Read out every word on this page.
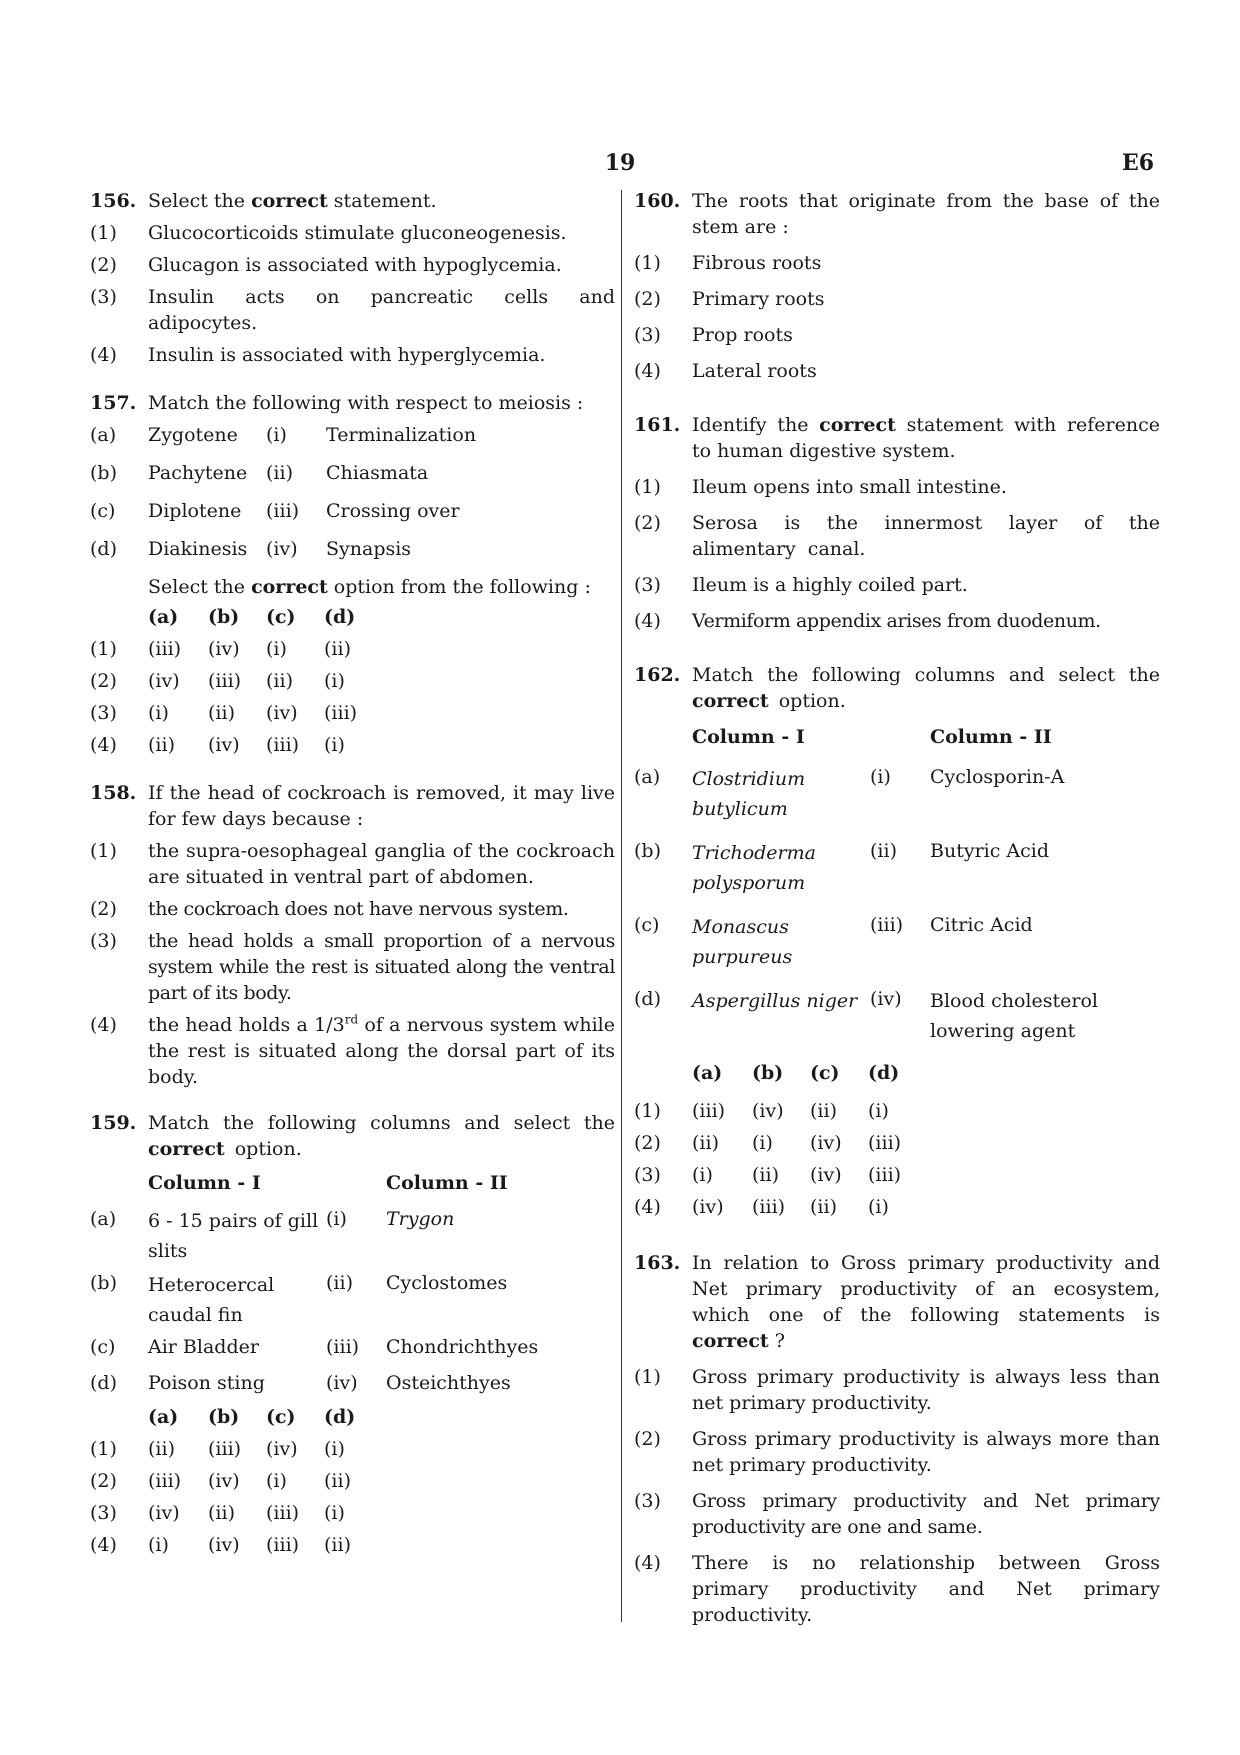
19	E6
156. Select the correct statement.
(1) Glucocorticoids stimulate gluconeogenesis.
(2) Glucagon is associated with hypoglycemia.
(3) Insulin acts on pancreatic cells and adipocytes.
(4) Insulin is associated with hyperglycemia.
157. Match the following with respect to meiosis :
(a)	Zygotene	(i)	Terminalization
(b)	Pachytene	(ii)	Chiasmata
(c)	Diplotene	(iii)	Crossing over
(d)	Diakinesis	(iv)	Synapsis
Select the correct option from the following :
	(a)	(b)	(c)	(d)
(1)	(iii)	(iv)	(i)	(ii)
(2)	(iv)	(iii)	(ii)	(i)
(3)	(i)	(ii)	(iv)	(iii)
(4)	(ii)	(iv)	(iii)	(i)
158. If the head of cockroach is removed, it may live for few days because :
(1) the supra-oesophageal ganglia of the cockroach are situated in ventral part of abdomen.
(2) the cockroach does not have nervous system.
(3) the head holds a small proportion of a nervous system while the rest is situated along the ventral part of its body.
(4) the head holds a 1/3rd of a nervous system while the rest is situated along the dorsal part of its body.
159. Match the following columns and select the correct option.
	Column - I		Column - II
(a)	6 - 15 pairs of gill slits	(i)	Trygon
(b)	Heterocercal caudal fin	(ii)	Cyclostomes
(c)	Air Bladder	(iii)	Chondrichthyes
(d)	Poison sting	(iv)	Osteichthyes
	(a)	(b)	(c)	(d)
(1)	(ii)	(iii)	(iv)	(i)
(2)	(iii)	(iv)	(i)	(ii)
(3)	(iv)	(ii)	(iii)	(i)
(4)	(i)	(iv)	(iii)	(ii)
160. The roots that originate from the base of the stem are :
(1) Fibrous roots
(2) Primary roots
(3) Prop roots
(4) Lateral roots
161. Identify the correct statement with reference to human digestive system.
(1) Ileum opens into small intestine.
(2) Serosa is the innermost layer of the alimentary canal.
(3) Ileum is a highly coiled part.
(4) Vermiform appendix arises from duodenum.
162. Match the following columns and select the correct option.
	Column - I		Column - II
(a)	Clostridium butylicum	(i)	Cyclosporin-A
(b)	Trichoderma polysporum	(ii)	Butyric Acid
(c)	Monascus purpureus	(iii)	Citric Acid
(d)	Aspergillus niger	(iv)	Blood cholesterol lowering agent
	(a)	(b)	(c)	(d)
(1)	(iii)	(iv)	(ii)	(i)
(2)	(ii)	(i)	(iv)	(iii)
(3)	(i)	(ii)	(iv)	(iii)
(4)	(iv)	(iii)	(ii)	(i)
163. In relation to Gross primary productivity and Net primary productivity of an ecosystem, which one of the following statements is correct ?
(1) Gross primary productivity is always less than net primary productivity.
(2) Gross primary productivity is always more than net primary productivity.
(3) Gross primary productivity and Net primary productivity are one and same.
(4) There is no relationship between Gross primary productivity and Net primary productivity.
